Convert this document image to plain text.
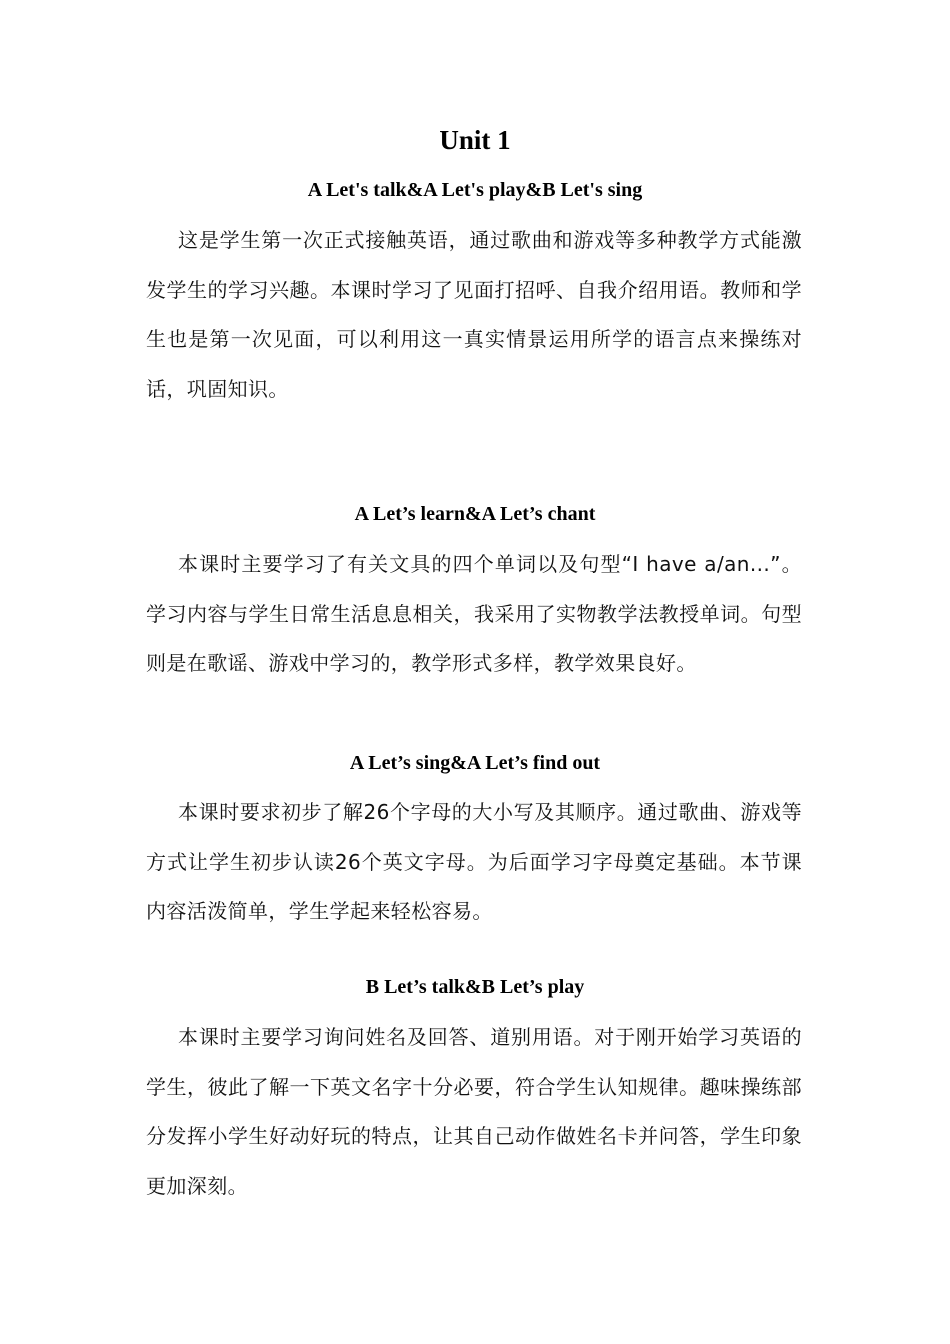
Unit 1
A Let's talk&A Let's play&B Let's sing

这是学生第一次正式接触英语，通过歌曲和游戏等多种教学方式能激发学生的学习兴趣。本课时学习了见面打招呼、自我介绍用语。教师和学生也是第一次见面，可以利用这一真实情景运用所学的语言点来操练对话，巩固知识。

A Let’s learn&A Let’s chant

本课时主要学习了有关文具的四个单词以及句型“I have a/an...”。学习内容与学生日常生活息息相关，我采用了实物教学法教授单词。句型则是在歌谣、游戏中学习的，教学形式多样，教学效果良好。

A Let’s sing&A Let’s find out

本课时要求初步了解26个字母的大小写及其顺序。通过歌曲、游戏等方式让学生初步认读26个英文字母。为后面学习字母奠定基础。本节课内容活泼简单，学生学起来轻松容易。

B Let’s talk&B Let’s play

本课时主要学习询问姓名及回答、道别用语。对于刚开始学习英语的学生，彼此了解一下英文名字十分必要，符合学生认知规律。趣味操练部分发挥小学生好动好玩的特点，让其自己动作做姓名卡并问答，学生印象更加深刻。
